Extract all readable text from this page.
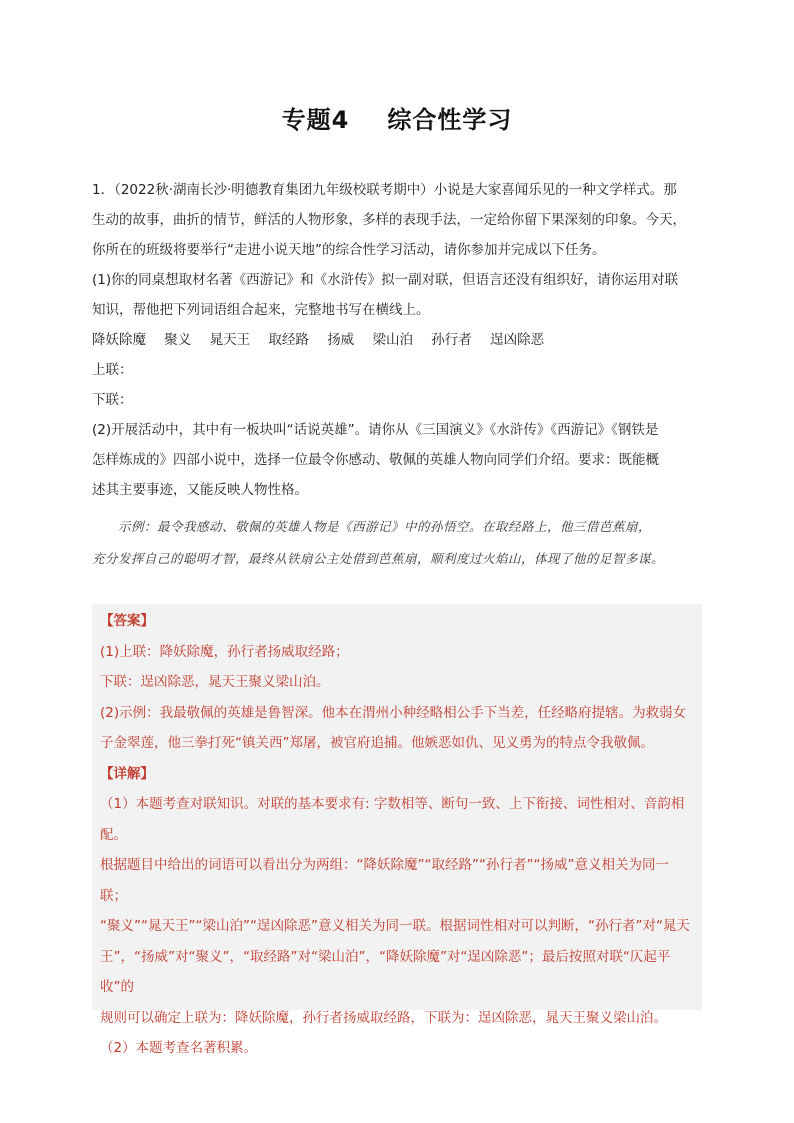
专题4 综合性学习

1．（2022秋·湖南长沙·明德教育集团九年级校联考期中）小说是大家喜闻乐见的一种文学样式。那

生动的故事，曲折的情节，鲜活的人物形象，多样的表现手法，一定给你留下果深刻的印象。今天，

你所在的班级将要举行“走进小说天地”的综合性学习活动，请你参加并完成以下任务。

(1)你的同桌想取材名著《西游记》和《水浒传》拟一副对联，但语言还没有组织好，请你运用对联

知识，帮他把下列词语组合起来，完整地书写在横线上。

降妖除魔 聚义 晁天王 取经路 扬威 梁山泊 孙行者 逞凶除恶

上联：

下联：

(2)开展活动中，其中有一板块叫“话说英雄”。请你从《三国演义》《水浒传》《西游记》《钢铁是

怎样炼成的》四部小说中，选择一位最令你感动、敬佩的英雄人物向同学们介绍。要求：既能概

述其主要事迹，又能反映人物性格。

示例：最令我感动、敬佩的英雄人物是《西游记》中的孙悟空。在取经路上，他三借芭蕉扇，

充分发挥自己的聪明才智，最终从铁扇公主处借到芭蕉扇，顺利度过火焰山，体现了他的足智多谋。

【答案】

(1)上联：降妖除魔，孙行者扬威取经路；

下联：逞凶除恶，晁天王聚义梁山泊。

(2)示例：我最敬佩的英雄是鲁智深。他本在渭州小种经略相公手下当差，任经略府提辖。为救弱女

子金翠莲，他三拳打死“镇关西”郑屠，被官府追捕。他嫉恶如仇、见义勇为的特点令我敬佩。

【详解】

（1）本题考查对联知识。对联的基本要求有: 字数相等、断句一致、上下衔接、词性相对、音韵相

配。

根据题目中给出的词语可以看出分为两组：“降妖除魔”“取经路”“孙行者”“扬威”意义相关为同一联；

“聚义”“晁天王”“梁山泊”“逞凶除恶”意义相关为同一联。根据词性相对可以判断，“孙行者”对“晁天

王”，“扬威”对“聚义”，“取经路”对“梁山泊”，“降妖除魔”对“逞凶除恶”；最后按照对联“仄起平收”的

规则可以确定上联为：降妖除魔，孙行者扬威取经路，下联为：逞凶除恶，晁天王聚义梁山泊。

（2）本题考查名著积累。
